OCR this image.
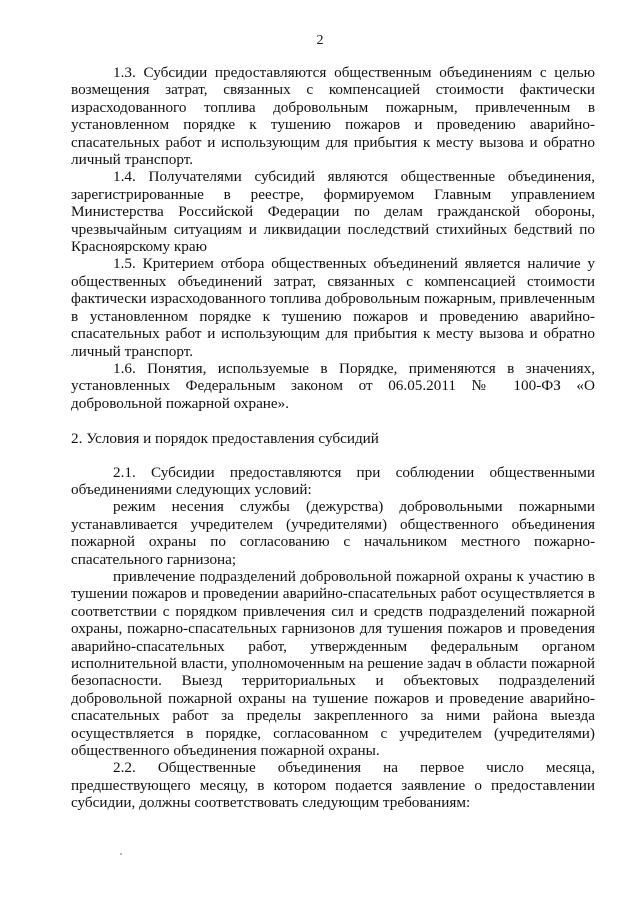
2

1.3. Субсидии предоставляются общественным объединениям с целью возмещения затрат, связанных с компенсацией стоимости фактически израсходованного топлива добровольным пожарным, привлеченным в установленном порядке к тушению пожаров и проведению аварийно-спасательных работ и использующим для прибытия к месту вызова и обратно личный транспорт.

1.4. Получателями субсидий являются общественные объединения, зарегистрированные в реестре, формируемом Главным управлением Министерства Российской Федерации по делам гражданской обороны, чрезвычайным ситуациям и ликвидации последствий стихийных бедствий по Красноярскому краю

1.5. Критерием отбора общественных объединений является наличие у общественных объединений затрат, связанных с компенсацией стоимости фактически израсходованного топлива добровольным пожарным, привлеченным в установленном порядке к тушению пожаров и проведению аварийно-спасательных работ и использующим для прибытия к месту вызова и обратно личный транспорт.

1.6. Понятия, используемые в Порядке, применяются в значениях, установленных Федеральным законом от 06.05.2011 № 100-ФЗ «О добровольной пожарной охране».

2. Условия и порядок предоставления субсидий

2.1. Субсидии предоставляются при соблюдении общественными объединениями следующих условий:

режим несения службы (дежурства) добровольными пожарными устанавливается учредителем (учредителями) общественного объединения пожарной охраны по согласованию с начальником местного пожарно-спасательного гарнизона;

привлечение подразделений добровольной пожарной охраны к участию в тушении пожаров и проведении аварийно-спасательных работ осуществляется в соответствии с порядком привлечения сил и средств подразделений пожарной охраны, пожарно-спасательных гарнизонов для тушения пожаров и проведения аварийно-спасательных работ, утвержденным федеральным органом исполнительной власти, уполномоченным на решение задач в области пожарной безопасности. Выезд территориальных и объектовых подразделений добровольной пожарной охраны на тушение пожаров и проведение аварийно-спасательных работ за пределы закрепленного за ними района выезда осуществляется в порядке, согласованном с учредителем (учредителями) общественного объединения пожарной охраны.

2.2. Общественные объединения на первое число месяца, предшествующего месяцу, в котором подается заявление о предоставлении субсидии, должны соответствовать следующим требованиям:
